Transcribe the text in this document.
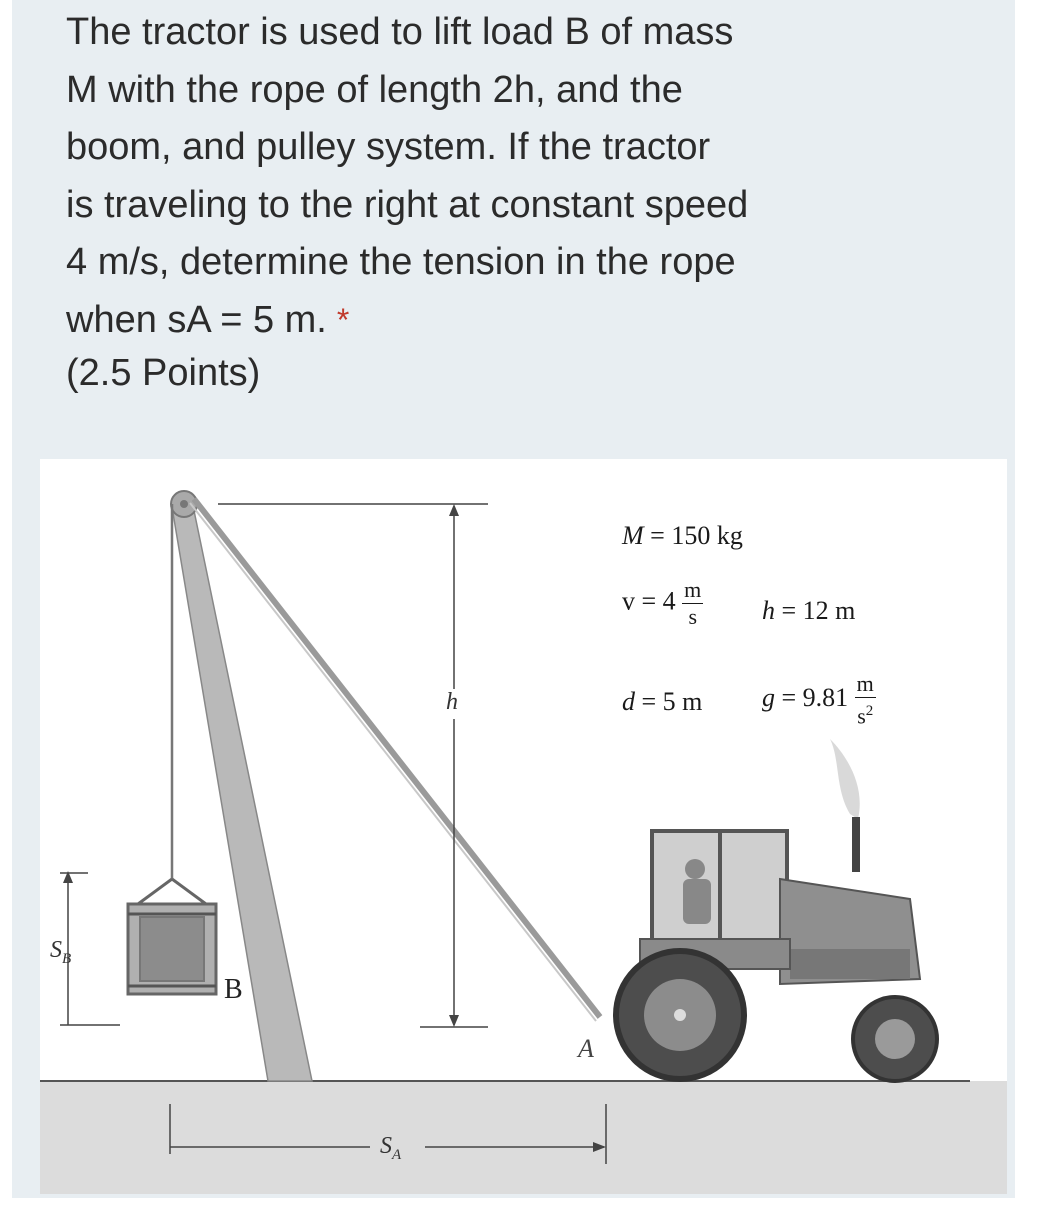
The tractor is used to lift load B of mass
M with the rope of length 2h, and the
boom, and pulley system. If the tractor
is traveling to the right at constant speed
4 m/s, determine the tension in the rope
when sA = 5 m. *
(2.5 Points)
M = 150 kg
$v = 4 \frac{m}{s}$ h = 12 m
d = 5 m $g = 9.81 \frac{m}{s^2}$
h
$S_B$
$S_A$
B
A
